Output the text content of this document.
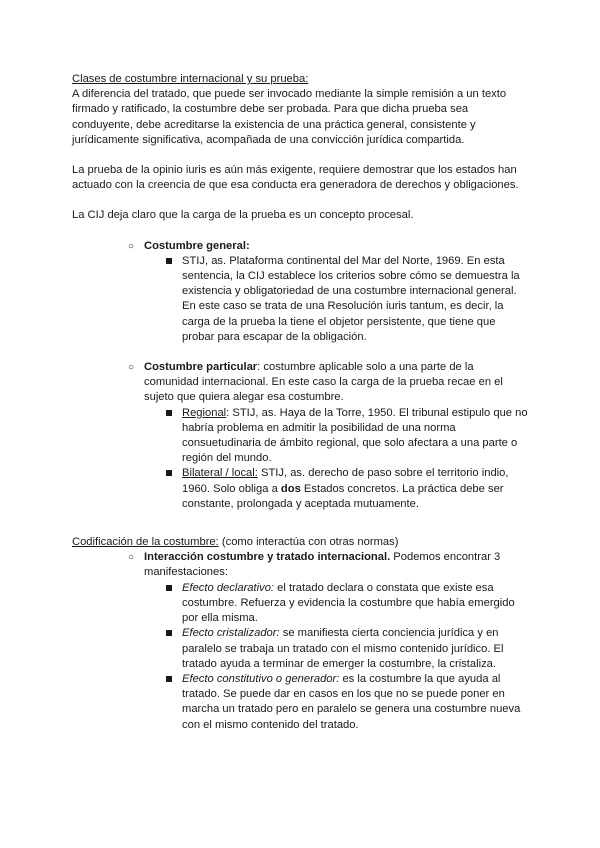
Clases de costumbre internacional y su prueba:

A diferencia del tratado, que puede ser invocado mediante la simple remisión a un texto firmado y ratificado, la costumbre debe ser probada. Para que dicha prueba sea conduyente, debe acreditarse la existencia de una práctica general, consistente y jurídicamente significativa, acompañada de una convicción jurídica compartida.

La prueba de la opinio iuris es aún más exigente, requiere demostrar que los estados han actuado con la creencia de que esa conducta era generadora de derechos y obligaciones.

La CIJ deja claro que la carga de la prueba es un concepto procesal.

○ Costumbre general:

STIJ, as. Plataforma continental del Mar del Norte, 1969. En esta sentencia, la CIJ establece los criterios sobre cómo se demuestra la existencia y obligatoriedad de una costumbre internacional general. En este caso se trata de una Resolución iuris tantum, es decir, la carga de la prueba la tiene el objetor persistente, que tiene que probar para escapar de la obligación.

○ Costumbre particular: costumbre aplicable solo a una parte de la comunidad internacional. En este caso la carga de la prueba recae en el sujeto que quiera alegar esa costumbre.

Regional: STIJ, as. Haya de la Torre, 1950. El tribunal estipulo que no habría problema en admitir la posibilidad de una norma consuetudinaria de ámbito regional, que solo afectara a una parte o región del mundo.

Bilateral / local: STIJ, as. derecho de paso sobre el territorio indio, 1960. Solo obliga a dos Estados concretos. La práctica debe ser constante, prolongada y aceptada mutuamente.

Codificación de la costumbre: (como interactúa con otras normas)

○ Interacción costumbre y tratado internacional. Podemos encontrar 3 manifestaciones:

Efecto declarativo: el tratado declara o constata que existe esa costumbre. Refuerza y evidencia la costumbre que había emergido por ella misma.

Efecto cristalizador: se manifiesta cierta conciencia jurídica y en paralelo se trabaja un tratado con el mismo contenido jurídico. El tratado ayuda a terminar de emerger la costumbre, la cristaliza.

Efecto constitutivo o generador: es la costumbre la que ayuda al tratado. Se puede dar en casos en los que no se puede poner en marcha un tratado pero en paralelo se genera una costumbre nueva con el mismo contenido del tratado.
